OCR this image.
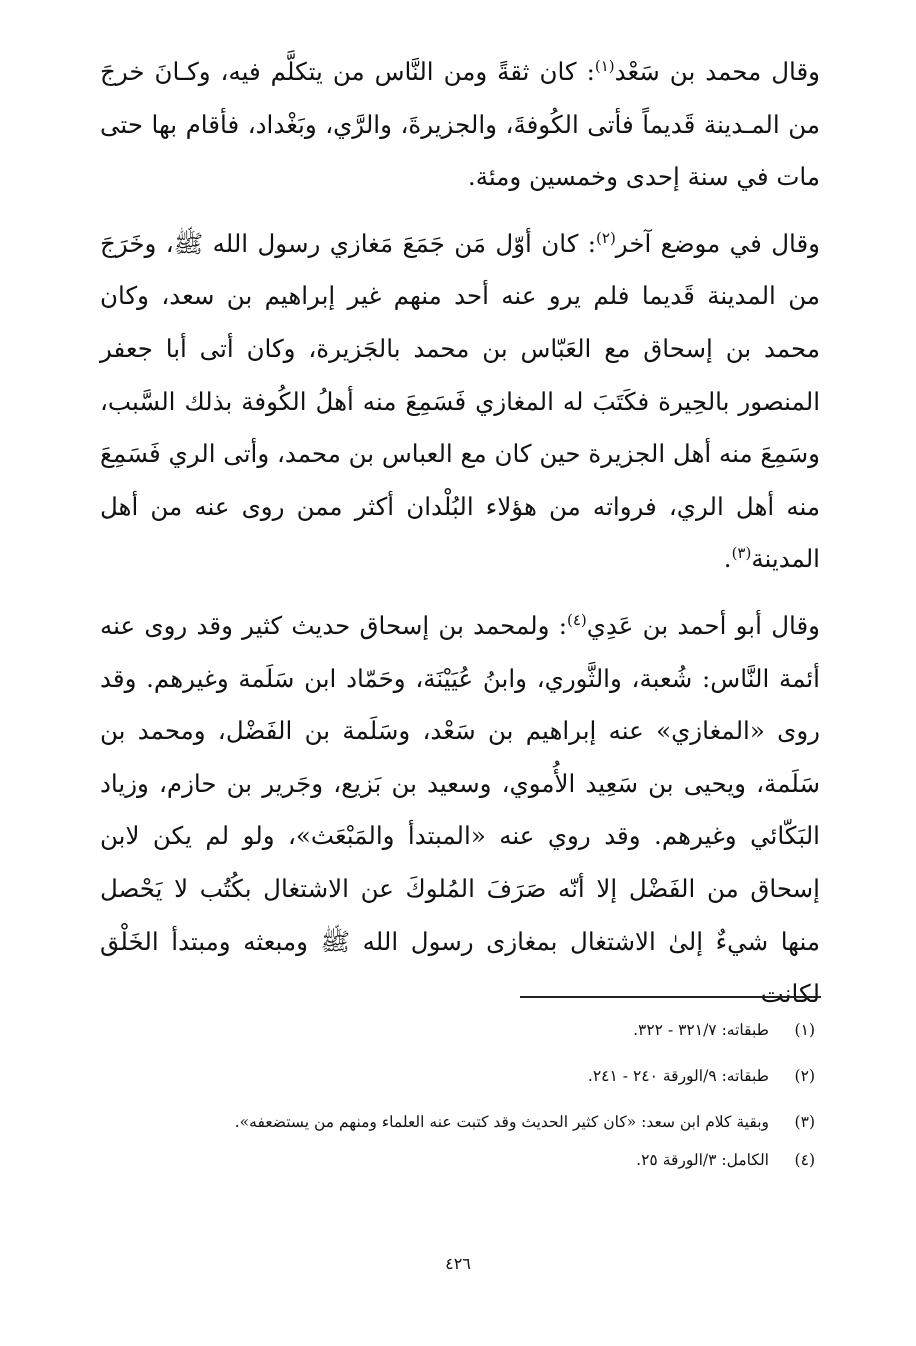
وقال محمد بن سَعْد$^{(١)}$: كان ثقةً ومن النَّاس من يتكلَّم فيه، وكـانَ خرجَ من المـدينة قَديماً فأتى الكُوفةَ، والجزيرةَ، والرَّي، وبَغْداد، فأقام بها حتى مات في سنة إحدى وخمسين ومئة.

وقال في موضع آخر$^{(٢)}$: كان أوّل مَن جَمَعَ مَغازي رسول الله ﷺ، وخَرَجَ من المدينة قَديما فلم يرو عنه أحد منهم غير إبراهيم بن سعد، وكان محمد بن إسحاق مع العَبّاس بن محمد بالجَزيرة، وكان أتى أبا جعفر المنصور بالحِيرة فكَتَبَ له المغازي فَسَمِعَ منه أهلُ الكُوفة بذلك السَّبب، وسَمِعَ منه أهل الجزيرة حين كان مع العباس بن محمد، وأتى الري فَسَمِعَ منه أهل الري، فرواته من هؤلاء البُلْدان أكثر ممن روى عنه من أهل المدينة$^{(٣)}$.

وقال أبو أحمد بن عَدِي$^{(٤)}$: ولمحمد بن إسحاق حديث كثير وقد روى عنه أئمة النَّاس: شُعبة، والثَّوري، وابنُ عُيَيْنَة، وحَمّاد ابن سَلَمة وغيرهم. وقد روى «المغازي» عنه إبراهيم بن سَعْد، وسَلَمة بن الفَضْل، ومحمد بن سَلَمة، ويحيى بن سَعِيد الأُموي، وسعيد بن بَزيع، وجَرير بن حازم، وزياد البَكّائي وغيرهم. وقد روي عنه «المبتدأ والمَبْعَث»، ولو لم يكن لابن إسحاق من الفَضْل إلا أنّه صَرَفَ المُلوكَ عن الاشتغال بكُتُب لا يَحْصل منها شيءٌ إلىٰ الاشتغال بمغازى رسول الله ﷺ ومبعثه ومبتدأ الخَلْق لكانت

(١)
طبقاته: ٣٢١/٧ - ٣٢٢.
(٢)
طبقاته: ٩/الورقة ٢٤٠ - ٢٤١.
(٣)
وبقية كلام ابن سعد: «كان كثير الحديث وقد كتبت عنه العلماء ومنهم من يستضعفه».
(٤)
الكامل: ٣/الورقة ٢٥.
٤٢٦
